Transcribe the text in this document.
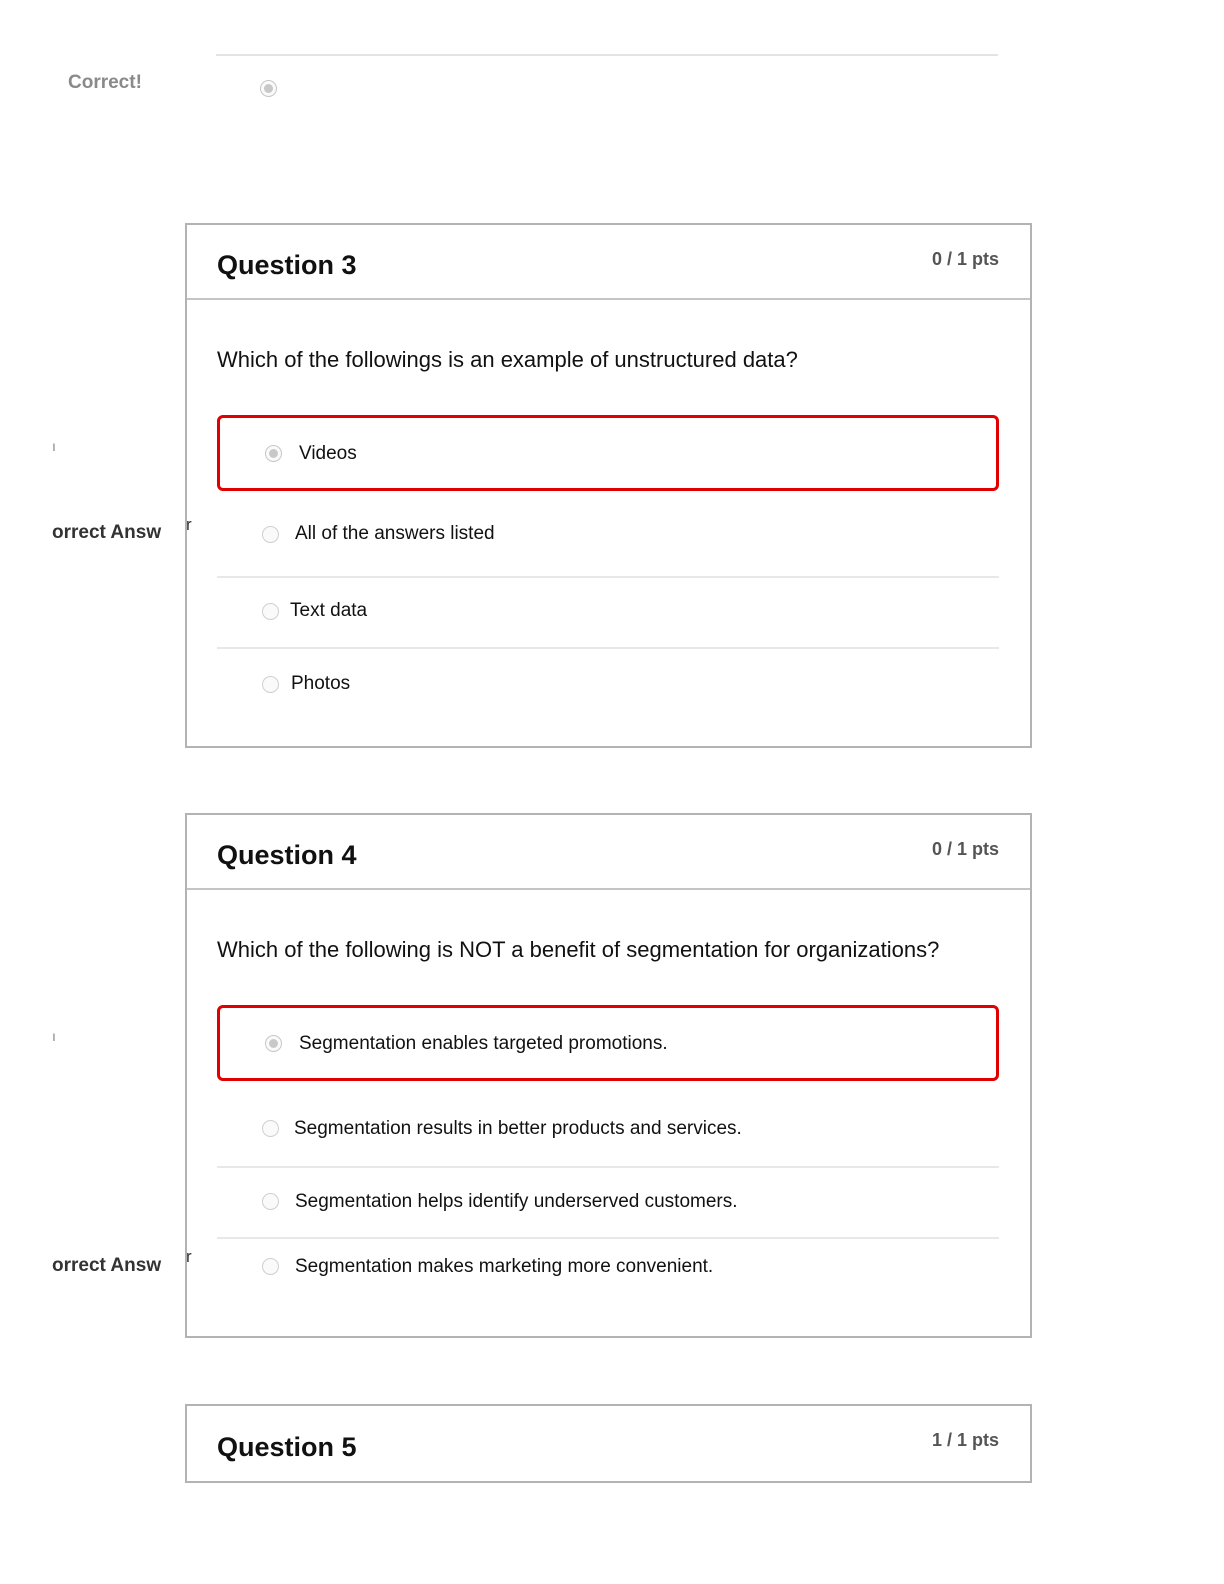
Correct!
Question 3	0 / 1 pts
Which of the followings is an example of unstructured data?
Videos
All of the answers listed
Text data
Photos
ı
orrect Answ r
Question 4	0 / 1 pts
Which of the following is NOT a benefit of segmentation for organizations?
Segmentation enables targeted promotions.
Segmentation results in better products and services.
Segmentation helps identify underserved customers.
Segmentation makes marketing more convenient.
ı
orrect Answ r
Question 5	1 / 1 pts
